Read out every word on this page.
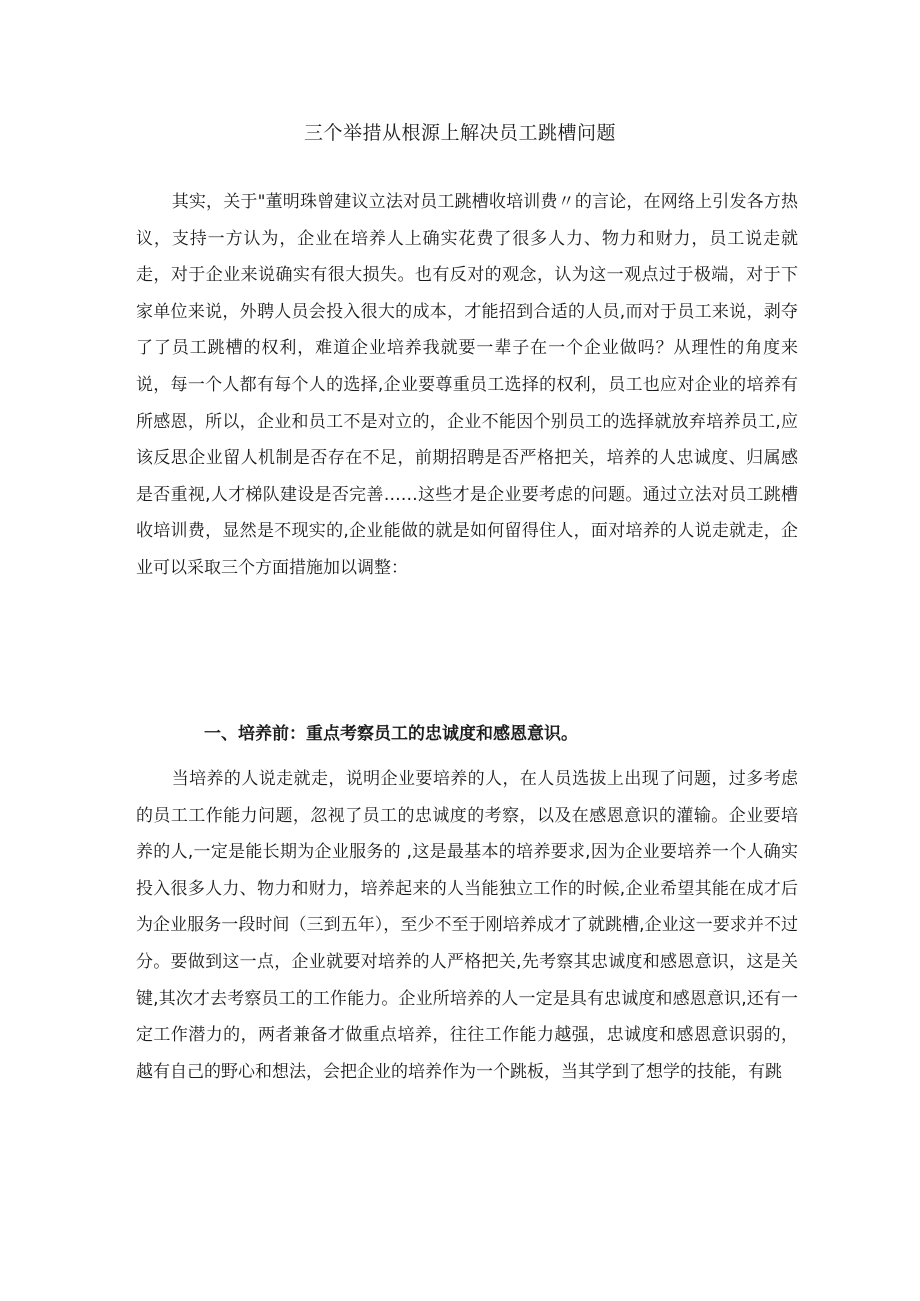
三个举措从根源上解决员工跳槽问题

其实，关于"董明珠曾建议立法对员工跳槽收培训费〃的言论，在网络上引发各方热议，支持一方认为，企业在培养人上确实花费了很多人力、物力和财力，员工说走就走，对于企业来说确实有很大损失。也有反对的观念，认为这一观点过于极端，对于下家单位来说，外聘人员会投入很大的成本，才能招到合适的人员,而对于员工来说，剥夺了了员工跳槽的权利，难道企业培养我就要一辈子在一个企业做吗？从理性的角度来说，每一个人都有每个人的选择,企业要尊重员工选择的权利，员工也应对企业的培养有所感恩，所以，企业和员工不是对立的，企业不能因个别员工的选择就放弃培养员工,应该反思企业留人机制是否存在不足，前期招聘是否严格把关，培养的人忠诚度、归属感是否重视,人才梯队建设是否完善……这些才是企业要考虑的问题。通过立法对员工跳槽收培训费，显然是不现实的,企业能做的就是如何留得住人，面对培养的人说走就走，企业可以采取三个方面措施加以调整：

一、培养前：重点考察员工的忠诚度和感恩意识。

当培养的人说走就走，说明企业要培养的人，在人员选拔上出现了问题，过多考虑的员工工作能力问题，忽视了员工的忠诚度的考察，以及在感恩意识的灌输。企业要培养的人,一定是能长期为企业服务的 ,这是最基本的培养要求,因为企业要培养一个人确实投入很多人力、物力和财力，培养起来的人当能独立工作的时候,企业希望其能在成才后为企业服务一段时间（三到五年），至少不至于刚培养成才了就跳槽,企业这一要求并不过分。要做到这一点，企业就要对培养的人严格把关,先考察其忠诚度和感恩意识，这是关键,其次才去考察员工的工作能力。企业所培养的人一定是具有忠诚度和感恩意识,还有一定工作潜力的，两者兼备才做重点培养，往往工作能力越强，忠诚度和感恩意识弱的，越有自己的野心和想法，会把企业的培养作为一个跳板，当其学到了想学的技能，有跳
